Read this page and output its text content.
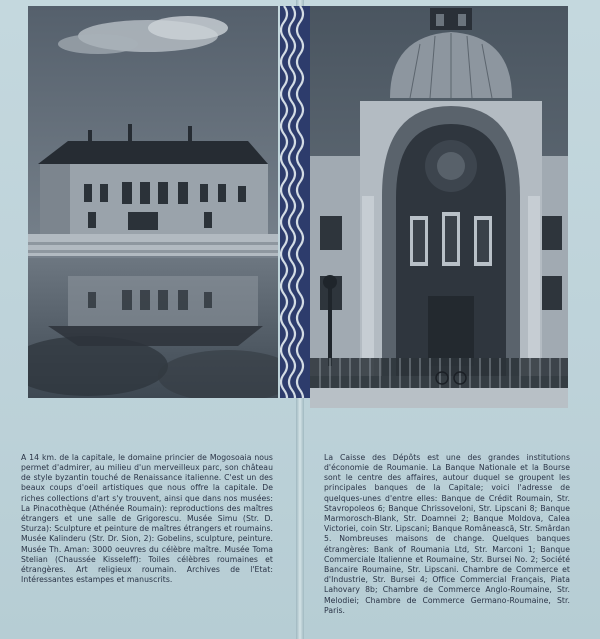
A 14 km. de la capitale, le domaine princier de Mogosoaia nous permet d'admirer, au milieu d'un merveilleux parc, son château de style byzantin touché de Renaissance italienne. C'est un des beaux coups d'oeil artistiques que nous offre la capitale. De riches collections d'art s'y trouvent, ainsi que dans nos musées: La Pinacothèque (Athénée Roumain): reproductions des maîtres étrangers et une salle de Grigorescu. Musée Simu (Str. D. Sturza): Sculpture et peinture de maîtres étrangers et roumains. Musée Kalinderu (Str. Dr. Sion, 2): Gobelins, sculpture, peinture. Musée Th. Aman: 3000 oeuvres du célèbre maître. Musée Toma Stelian (Chaussée Kisseleff): Toiles célèbres roumaines et étrangères. Art religieux roumain. Archives de l'Etat: Intéressantes estampes et manuscrits.

La Caisse des Dépôts est une des grandes institutions d'économie de Roumanie. La Banque Nationale et la Bourse sont le centre des affaires, autour duquel se groupent les principales banques de la Capitale; voici l'adresse de quelques-unes d'entre elles: Banque de Crédit Roumain, Str. Stavropoleos 6; Banque Chrissoveloni, Str. Lipscani 8; Banque Marmorosch-Blank, Str. Doamnei 2; Banque Moldova, Calea Victoriei, coin Str. Lipscani; Banque Românească, Str. Smârdan 5. Nombreuses maisons de change. Quelques banques étrangères: Bank of Roumania Ltd, Str. Marconi 1; Banque Commerciale Italienne et Roumaine, Str. Bursei No. 2; Société Bancaire Roumaine, Str. Lipscani. Chambre de Commerce et d'Industrie, Str. Bursei 4; Office Commercial Français, Piata Lahovary 8b; Chambre de Commerce Anglo-Roumaine, Str. Melodiei; Chambre de Commerce Germano-Roumaine, Str. Paris.
